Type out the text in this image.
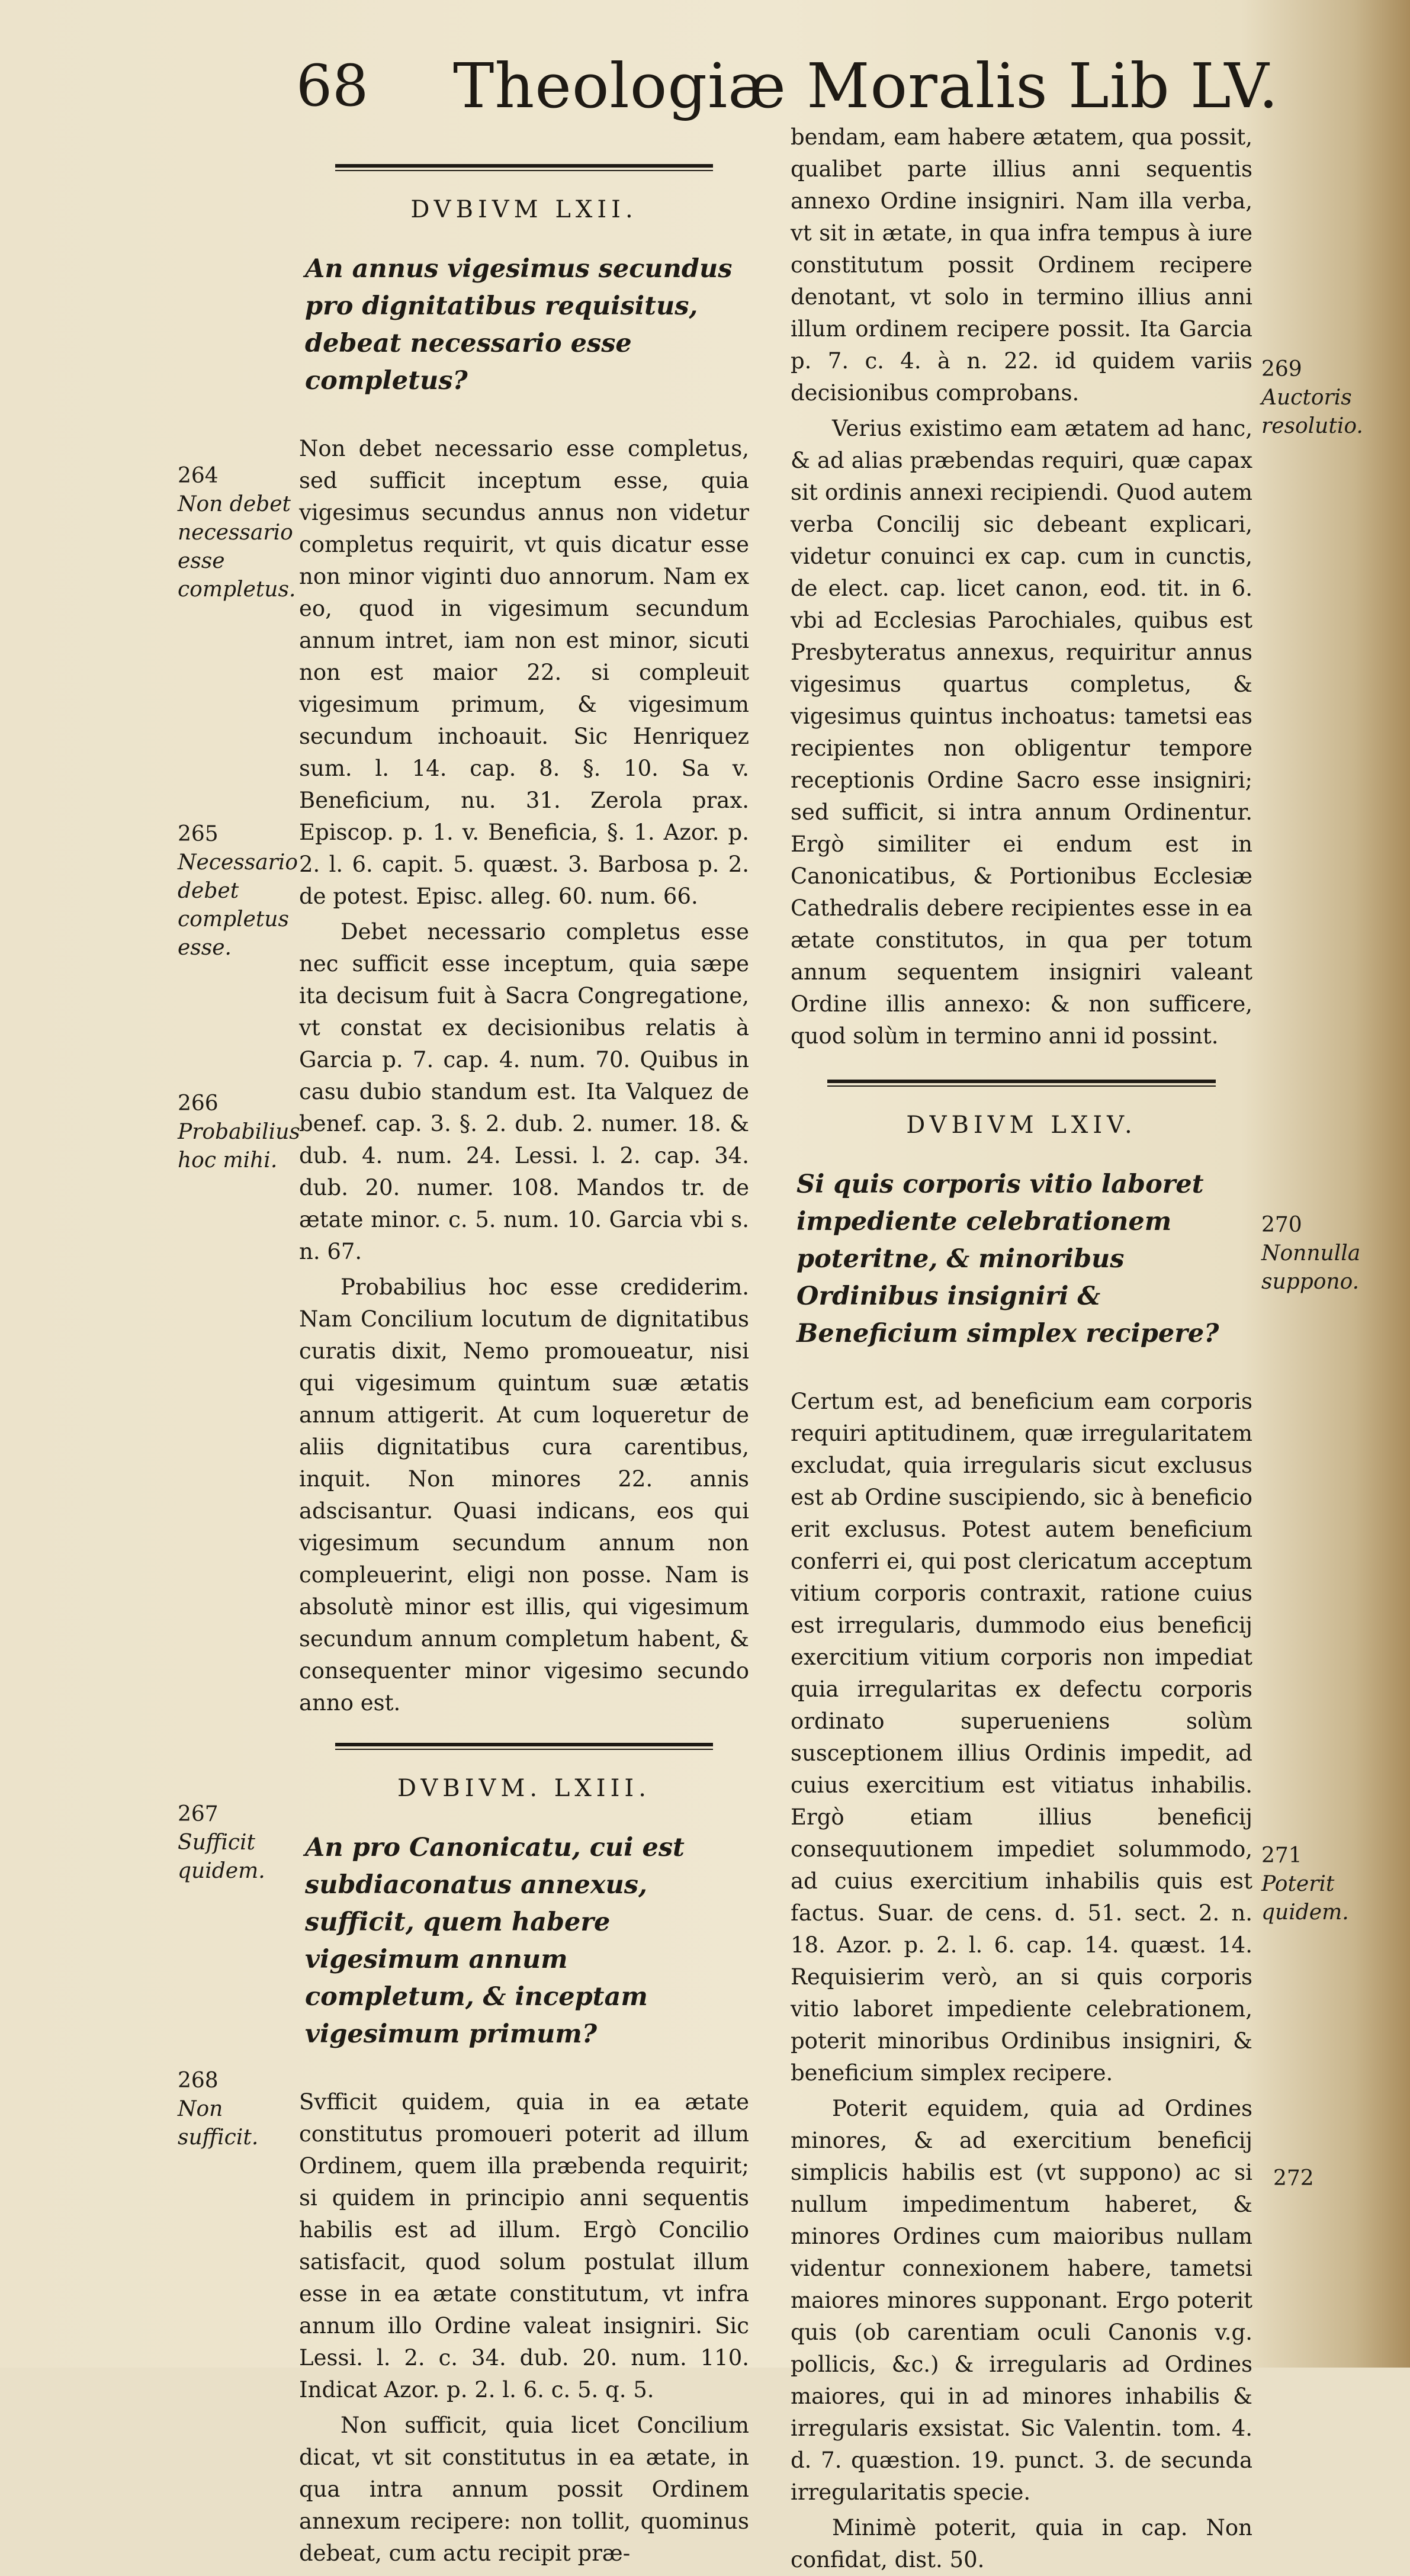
68 Theologiæ Moralis Lib LV.
DVBIVM LXII.
An annus vigesimus secundus pro dignitatibus requisitus, debeat necessario esse completus?

Non debet necessario esse completus, sed sufficit inceptum esse, quia vigesimus secundus annus non videtur completus requirit, vt quis dicatur esse non minor viginti duo annorum. Nam ex eo, quod in vigesimum secundum annum intret, iam non est minor, sicuti non est maior 22. si compleuit vigesimum primum, & vigesimum secundum inchoauit. Sic Henriquez sum. l. 14. cap. 8. §. 10. Sa v. Beneficium, nu. 31. Zerola prax. Episcop. p. 1. v. Beneficia, §. 1. Azor. p. 2. l. 6. capit. 5. quæst. 3. Barbosa p. 2. de potest. Episc. alleg. 60. num. 66.

Debet necessario completus esse nec sufficit esse inceptum, quia sæpe ita decisum fuit à Sacra Congregatione, vt constat ex decisionibus relatis à Garcia p. 7. cap. 4. num. 70. Quibus in casu dubio standum est. Ita Valquez de benef. cap. 3. §. 2. dub. 2. numer. 18. & dub. 4. num. 24. Lessi. l. 2. cap. 34. dub. 20. numer. 108. Mandos tr. de ætate minor. c. 5. num. 10. Garcia vbi s. n. 67.

Probabilius hoc esse crediderim. Nam Concilium locutum de dignitatibus curatis dixit, Nemo promoueatur, nisi qui vigesimum quintum suæ ætatis annum attigerit. At cum loqueretur de aliis dignitatibus cura carentibus, inquit. Non minores 22. annis adscisantur. Quasi indicans, eos qui vigesimum secundum annum non compleuerint, eligi non posse. Nam is absolutè minor est illis, qui vigesimum secundum annum completum habent, & consequenter minor vigesimo secundo anno est.

DVBIVM. LXIII.
An pro Canonicatu, cui est subdiaconatus annexus, sufficit, quem habere vigesimum annum completum, & inceptam vigesimum primum?

Svfficit quidem, quia in ea ætate constitutus promoueri poterit ad illum Ordinem, quem illa præbenda requirit; si quidem in principio anni sequentis habilis est ad illum. Ergò Concilio satisfacit, quod solum postulat illum esse in ea ætate constitutum, vt infra annum illo Ordine valeat insigniri. Sic Lessi. l. 2. c. 34. dub. 20. num. 110. Indicat Azor. p. 2. l. 6. c. 5. q. 5.

Non sufficit, quia licet Concilium dicat, vt sit constitutus in ea ætate, in qua intra annum possit Ordinem annexum recipere: non tollit, quominus debeat, cum actu recipit præ-

bendam, eam habere ætatem, qua possit, qualibet parte illius anni sequentis annexo Ordine insigniri. Nam illa verba, vt sit in ætate, in qua infra tempus à iure constitutum possit Ordinem recipere denotant, vt solo in termino illius anni illum ordinem recipere possit. Ita Garcia p. 7. c. 4. à n. 22. id quidem variis decisionibus comprobans.

Verius existimo eam ætatem ad hanc, & ad alias præbendas requiri, quæ capax sit ordinis annexi recipiendi. Quod autem verba Concilij sic debeant explicari, videtur conuinci ex cap. cum in cunctis, de elect. cap. licet canon, eod. tit. in 6. vbi ad Ecclesias Parochiales, quibus est Presbyteratus annexus, requiritur annus vigesimus quartus completus, & vigesimus quintus inchoatus: tametsi eas recipientes non obligentur tempore receptionis Ordine Sacro esse insigniri; sed sufficit, si intra annum Ordinentur. Ergò similiter ei endum est in Canonicatibus, & Portionibus Ecclesiæ Cathedralis debere recipientes esse in ea ætate constitutos, in qua per totum annum sequentem insigniri valeant Ordine illis annexo: & non sufficere, quod solùm in termino anni id possint.

DVBIVM LXIV.
Si quis corporis vitio laboret impediente celebrationem poteritne, & minoribus Ordinibus insigniri & Beneficium simplex recipere?

Certum est, ad beneficium eam corporis requiri aptitudinem, quæ irregularitatem excludat, quia irregularis sicut exclusus est ab Ordine suscipiendo, sic à beneficio erit exclusus. Potest autem beneficium conferri ei, qui post clericatum acceptum vitium corporis contraxit, ratione cuius est irregularis, dummodo eius beneficij exercitium vitium corporis non impediat quia irregularitas ex defectu corporis ordinato superueniens solùm susceptionem illius Ordinis impedit, ad cuius exercitium est vitiatus inhabilis. Ergò etiam illius beneficij consequutionem impediet solummodo, ad cuius exercitium inhabilis quis est factus. Suar. de cens. d. 51. sect. 2. n. 18. Azor. p. 2. l. 6. cap. 14. quæst. 14. Requisierim verò, an si quis corporis vitio laboret impediente celebrationem, poterit minoribus Ordinibus insigniri, & beneficium simplex recipere.

Poterit equidem, quia ad Ordines minores, & ad exercitium beneficij simplicis habilis est (vt suppono) ac si nullum impedimentum haberet, & minores Ordines cum maioribus nullam videntur connexionem habere, tametsi maiores minores supponant. Ergo poterit quis (ob carentiam oculi Canonis v.g. pollicis, &c.) & irregularis ad Ordines maiores, qui in ad minores inhabilis & irregularis exsistat. Sic Valentin. tom. 4. d. 7. quæstion. 19. punct. 3. de secunda irregularitatis specie.

Minimè poterit, quia in cap. Non confidat, dist. 50.

264
Non debet necessario esse completus.
265
Necessario debet completus esse.
266
Probabilius hoc mihi.
267
Sufficit quidem.
268
Non sufficit.
269
Auctoris resolutio.
270
Nonnulla suppono.
271
Poterit quidem.
272
